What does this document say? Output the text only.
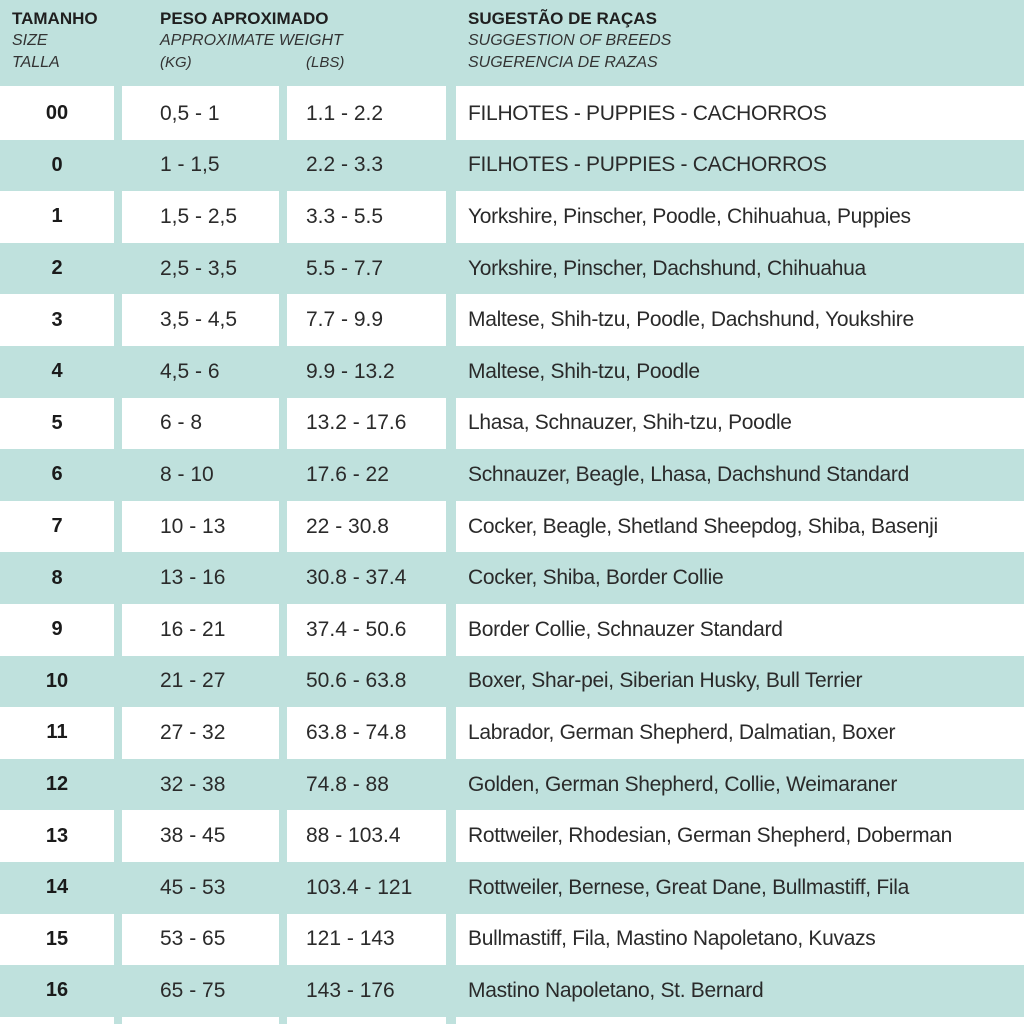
TAMANHO
SIZE
TALLA
PESO APROXIMADO
APPROXIMATE WEIGHT
(KG)	(LBS)
SUGESTÃO DE RAÇAS
SUGGESTION OF BREEDS
SUGERENCIA DE RAZAS
00	0,5 - 1	1.1 - 2.2	FILHOTES - PUPPIES - CACHORROS
0	1 - 1,5	2.2 - 3.3	FILHOTES - PUPPIES - CACHORROS
1	1,5 - 2,5	3.3 - 5.5	Yorkshire, Pinscher, Poodle, Chihuahua, Puppies
2	2,5 - 3,5	5.5 - 7.7	Yorkshire, Pinscher, Dachshund, Chihuahua
3	3,5 - 4,5	7.7 - 9.9	Maltese, Shih-tzu, Poodle, Dachshund, Youkshire
4	4,5 - 6	9.9 - 13.2	Maltese, Shih-tzu, Poodle
5	6 - 8	13.2 - 17.6	Lhasa, Schnauzer, Shih-tzu, Poodle
6	8 - 10	17.6 - 22	Schnauzer, Beagle, Lhasa, Dachshund Standard
7	10 - 13	22 - 30.8	Cocker, Beagle, Shetland Sheepdog, Shiba, Basenji
8	13 - 16	30.8 - 37.4	Cocker, Shiba, Border Collie
9	16 - 21	37.4 - 50.6	Border Collie, Schnauzer Standard
10	21 - 27	50.6 - 63.8	Boxer, Shar-pei, Siberian Husky, Bull Terrier
11	27 - 32	63.8 - 74.8	Labrador, German Shepherd, Dalmatian, Boxer
12	32 - 38	74.8 - 88	Golden, German Shepherd, Collie, Weimaraner
13	38 - 45	88 - 103.4	Rottweiler, Rhodesian, German Shepherd, Doberman
14	45 - 53	103.4 - 121	Rottweiler, Bernese, Great Dane, Bullmastiff, Fila
15	53 - 65	121 - 143	Bullmastiff, Fila, Mastino Napoletano, Kuvazs
16	65 - 75	143 - 176	Mastino Napoletano, St. Bernard
